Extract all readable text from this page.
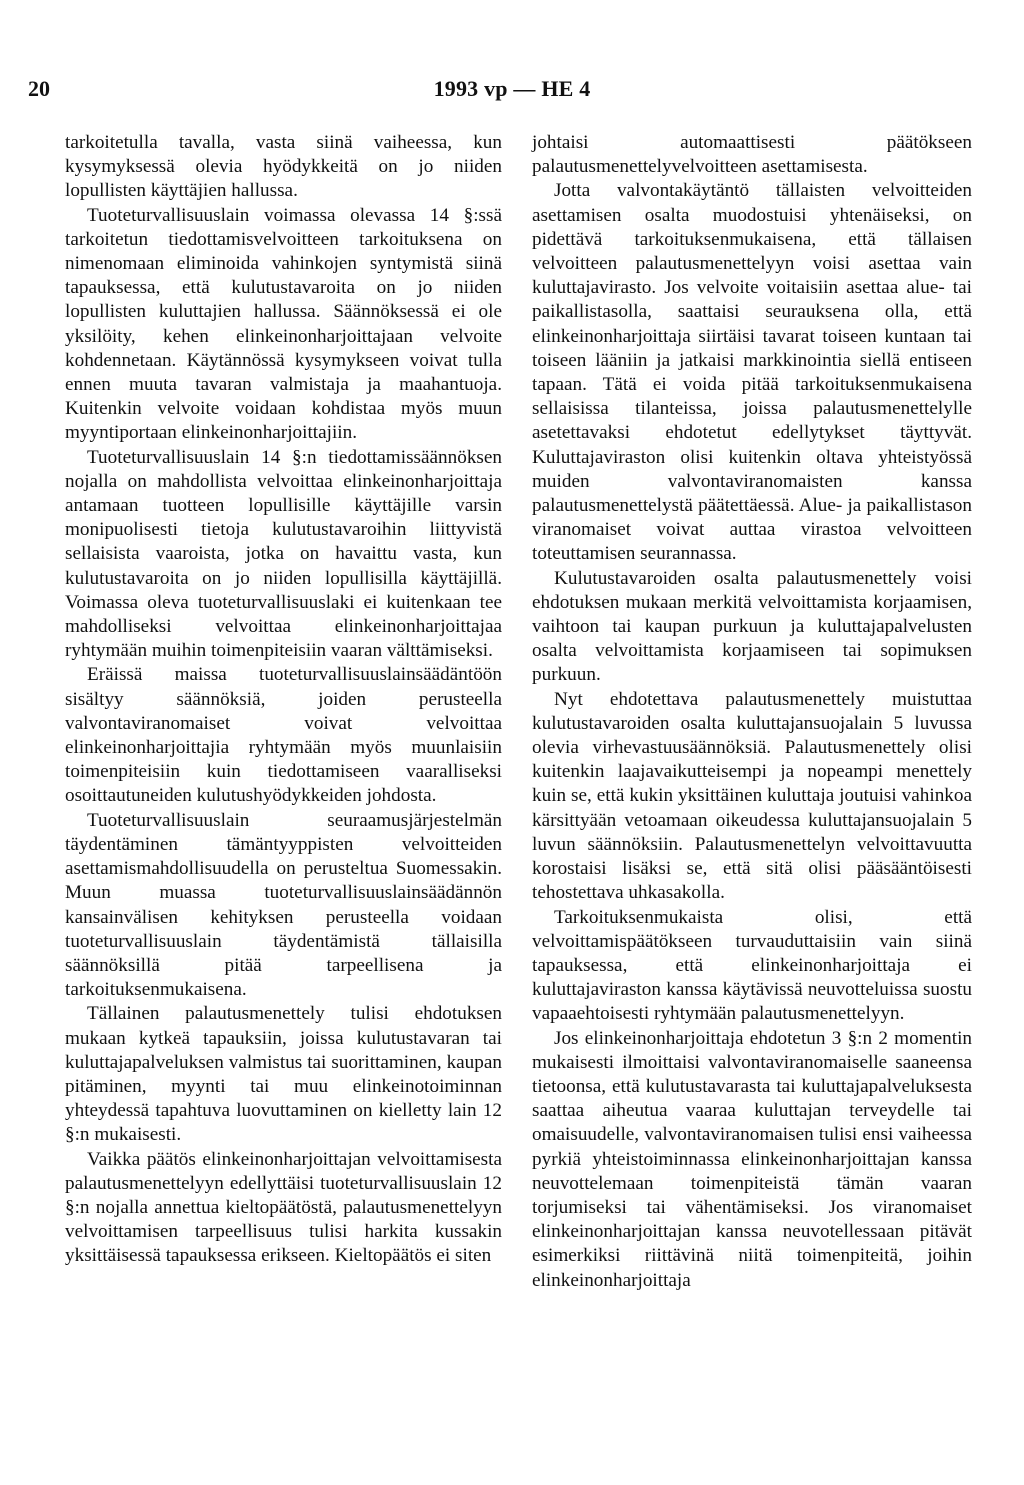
20	1993 vp — HE 4

tarkoitetulla tavalla, vasta siinä vaiheessa, kun kysymyksessä olevia hyödykkeitä on jo niiden lopullisten käyttäjien hallussa.

Tuoteturvallisuuslain voimassa olevassa 14 §:ssä tarkoitetun tiedottamisvelvoitteen tarkoituksena on nimenomaan eliminoida vahinkojen syntymistä siinä tapauksessa, että kulutustavaroita on jo niiden lopullisten kuluttajien hallussa. Säännöksessä ei ole yksilöity, kehen elinkeinonharjoittajaan velvoite kohdennetaan. Käytännössä kysymykseen voivat tulla ennen muuta tavaran valmistaja ja maahantuoja. Kuitenkin velvoite voidaan kohdistaa myös muun myyntiportaan elinkeinonharjoittajiin.

Tuoteturvallisuuslain 14 §:n tiedottamissäännöksen nojalla on mahdollista velvoittaa elinkeinonharjoittaja antamaan tuotteen lopullisille käyttäjille varsin monipuolisesti tietoja kulutustavaroihin liittyvistä sellaisista vaaroista, jotka on havaittu vasta, kun kulutustavaroita on jo niiden lopullisilla käyttäjillä. Voimassa oleva tuoteturvallisuuslaki ei kuitenkaan tee mahdolliseksi velvoittaa elinkeinonharjoittajaa ryhtymään muihin toimenpiteisiin vaaran välttämiseksi.

Eräissä maissa tuoteturvallisuuslainsäädäntöön sisältyy säännöksiä, joiden perusteella valvontaviranomaiset voivat velvoittaa elinkeinonharjoittajia ryhtymään myös muunlaisiin toimenpiteisiin kuin tiedottamiseen vaaralliseksi osoittautuneiden kulutushyödykkeiden johdosta.

Tuoteturvallisuuslain seuraamusjärjestelmän täydentäminen tämäntyyppisten velvoitteiden asettamismahdollisuudella on perusteltua Suomessakin. Muun muassa tuoteturvallisuuslainsäädännön kansainvälisen kehityksen perusteella voidaan tuoteturvallisuuslain täydentämistä tällaisilla säännöksillä pitää tarpeellisena ja tarkoituksenmukaisena.

Tällainen palautusmenettely tulisi ehdotuksen mukaan kytkeä tapauksiin, joissa kulutustavaran tai kuluttajapalveluksen valmistus tai suorittaminen, kaupan pitäminen, myynti tai muu elinkeinotoiminnan yhteydessä tapahtuva luovuttaminen on kielletty lain 12 §:n mukaisesti.

Vaikka päätös elinkeinonharjoittajan velvoittamisesta palautusmenettelyyn edellyttäisi tuoteturvallisuuslain 12 §:n nojalla annettua kieltopäätöstä, palautusmenettelyyn velvoittamisen tarpeellisuus tulisi harkita kussakin yksittäisessä tapauksessa erikseen. Kieltopäätös ei siten

johtaisi automaattisesti päätökseen palautusmenettelyvelvoitteen asettamisesta.

Jotta valvontakäytäntö tällaisten velvoitteiden asettamisen osalta muodostuisi yhtenäiseksi, on pidettävä tarkoituksenmukaisena, että tällaisen velvoitteen palautusmenettelyyn voisi asettaa vain kuluttajavirasto. Jos velvoite voitaisiin asettaa alue- tai paikallistasolla, saattaisi seurauksena olla, että elinkeinonharjoittaja siirtäisi tavarat toiseen kuntaan tai toiseen lääniin ja jatkaisi markkinointia siellä entiseen tapaan. Tätä ei voida pitää tarkoituksenmukaisena sellaisissa tilanteissa, joissa palautusmenettelylle asetettavaksi ehdotetut edellytykset täyttyvät. Kuluttajaviraston olisi kuitenkin oltava yhteistyössä muiden valvontaviranomaisten kanssa palautusmenettelystä päätettäessä. Alue- ja paikallistason viranomaiset voivat auttaa virastoa velvoitteen toteuttamisen seurannassa.

Kulutustavaroiden osalta palautusmenettely voisi ehdotuksen mukaan merkitä velvoittamista korjaamisen, vaihtoon tai kaupan purkuun ja kuluttajapalvelusten osalta velvoittamista korjaamiseen tai sopimuksen purkuun.

Nyt ehdotettava palautusmenettely muistuttaa kulutustavaroiden osalta kuluttajansuojalain 5 luvussa olevia virhevastuusäännöksiä. Palautusmenettely olisi kuitenkin laajavaikutteisempi ja nopeampi menettely kuin se, että kukin yksittäinen kuluttaja joutuisi vahinkoa kärsittyään vetoamaan oikeudessa kuluttajansuojalain 5 luvun säännöksiin. Palautusmenettelyn velvoittavuutta korostaisi lisäksi se, että sitä olisi pääsääntöisesti tehostettava uhkasakolla.

Tarkoituksenmukaista olisi, että velvoittamispäätökseen turvauduttaisiin vain siinä tapauksessa, että elinkeinonharjoittaja ei kuluttajaviraston kanssa käytävissä neuvotteluissa suostu vapaaehtoisesti ryhtymään palautusmenettelyyn.

Jos elinkeinonharjoittaja ehdotetun 3 §:n 2 momentin mukaisesti ilmoittaisi valvontaviranomaiselle saaneensa tietoonsa, että kulutustavarasta tai kuluttajapalveluksesta saattaa aiheutua vaaraa kuluttajan terveydelle tai omaisuudelle, valvontaviranomaisen tulisi ensi vaiheessa pyrkiä yhteistoiminnassa elinkeinonharjoittajan kanssa neuvottelemaan toimenpiteistä tämän vaaran torjumiseksi tai vähentämiseksi. Jos viranomaiset elinkeinonharjoittajan kanssa neuvotellessaan pitävät esimerkiksi riittävinä niitä toimenpiteitä, joihin elinkeinonharjoittaja
